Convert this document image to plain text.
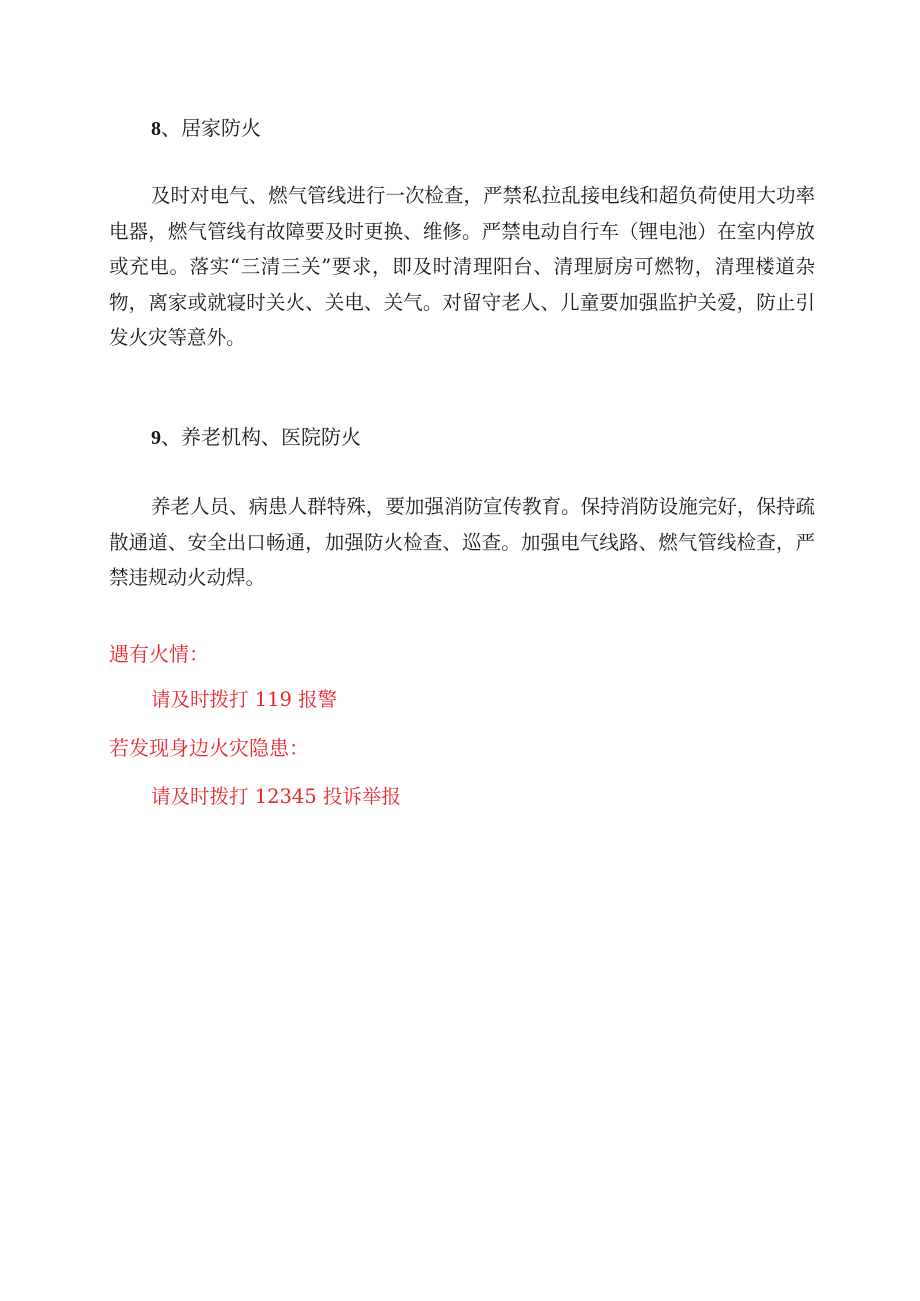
8、居家防火

及时对电气、燃气管线进行一次检查，严禁私拉乱接电线和超负荷使用大功率电器，燃气管线有故障要及时更换、维修。严禁电动自行车（锂电池）在室内停放或充电。落实“三清三关”要求，即及时清理阳台、清理厨房可燃物，清理楼道杂物，离家或就寝时关火、关电、关气。对留守老人、儿童要加强监护关爱，防止引发火灾等意外。

9、养老机构、医院防火

养老人员、病患人群特殊，要加强消防宣传教育。保持消防设施完好，保持疏散通道、安全出口畅通，加强防火检查、巡查。加强电气线路、燃气管线检查，严禁违规动火动焊。

遇有火情：

请及时拨打 119 报警

若发现身边火灾隐患：

请及时拨打 12345 投诉举报
